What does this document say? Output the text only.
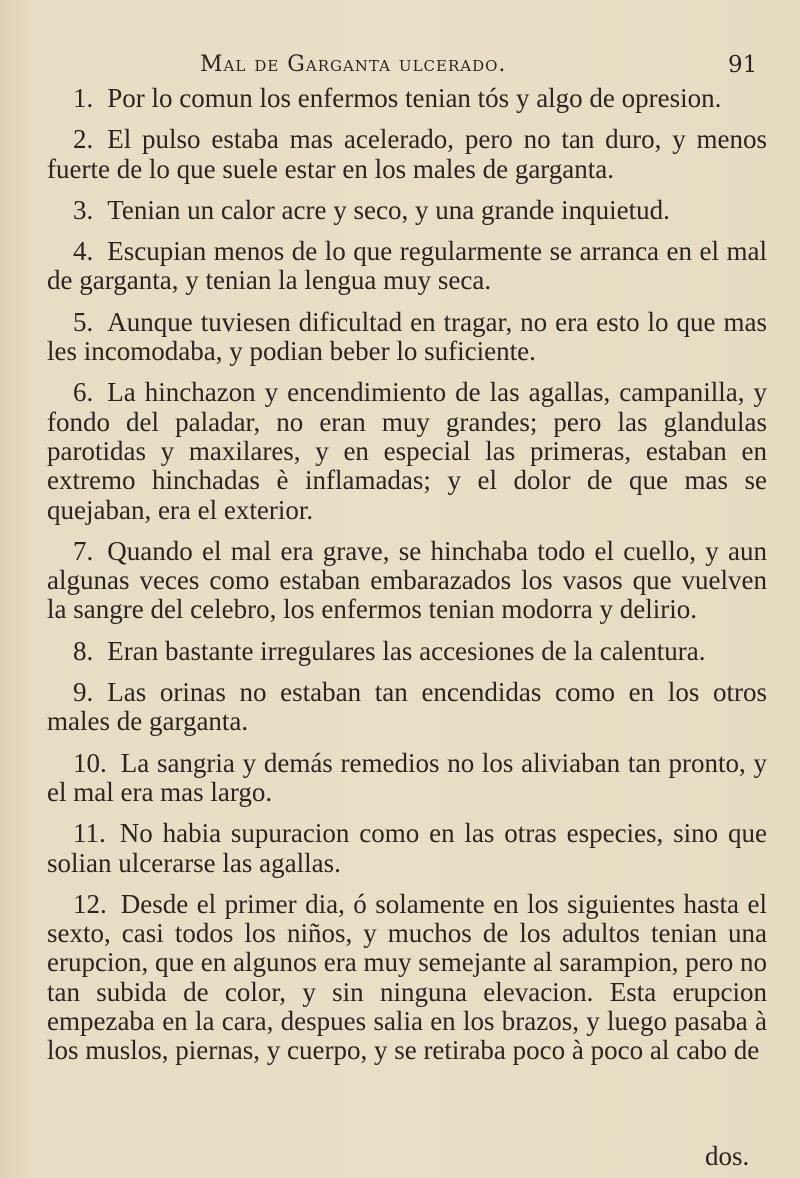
Mal de Garganta ulcerado.	91

1. Por lo comun los enfermos tenian tós y algo de opresion.

2. El pulso estaba mas acelerado, pero no tan duro, y menos fuerte de lo que suele estar en los males de garganta.

3. Tenian un calor acre y seco, y una grande inquietud.

4. Escupian menos de lo que regularmente se arranca en el mal de garganta, y tenian la lengua muy seca.

5. Aunque tuviesen dificultad en tragar, no era esto lo que mas les incomodaba, y podian beber lo suficiente.

6. La hinchazon y encendimiento de las agallas, campanilla, y fondo del paladar, no eran muy grandes; pero las glandulas parotidas y maxilares, y en especial las primeras, estaban en extremo hinchadas è inflamadas; y el dolor de que mas se quejaban, era el exterior.

7. Quando el mal era grave, se hinchaba todo el cuello, y aun algunas veces como estaban embarazados los vasos que vuelven la sangre del celebro, los enfermos tenian modorra y delirio.

8. Eran bastante irregulares las accesiones de la calentura.

9. Las orinas no estaban tan encendidas como en los otros males de garganta.

10. La sangria y demás remedios no los aliviaban tan pronto, y el mal era mas largo.

11. No habia supuracion como en las otras especies, sino que solian ulcerarse las agallas.

12. Desde el primer dia, ó solamente en los siguientes hasta el sexto, casi todos los niños, y muchos de los adultos tenian una erupcion, que en algunos era muy semejante al sarampion, pero no tan subida de color, y sin ninguna elevacion. Esta erupcion empezaba en la cara, despues salia en los brazos, y luego pasaba à los muslos, piernas, y cuerpo, y se retiraba poco à poco al cabo de

dos.
